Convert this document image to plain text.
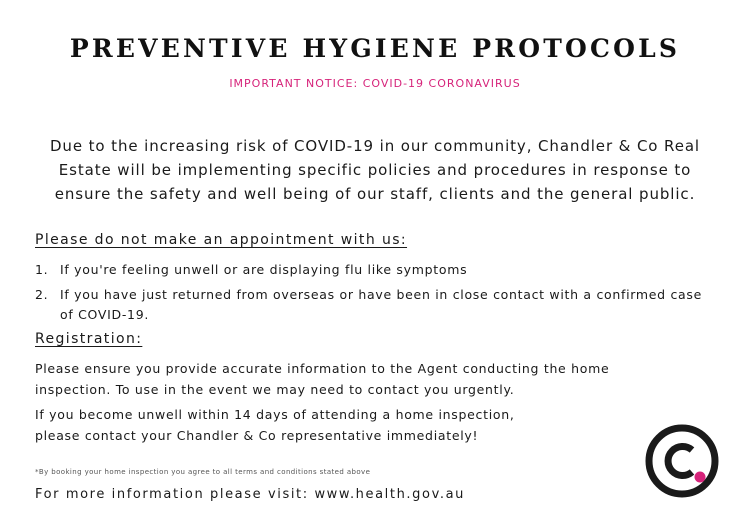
PREVENTIVE HYGIENE PROTOCOLS
IMPORTANT NOTICE: COVID-19 CORONAVIRUS
Due to the increasing risk of COVID-19 in our community, Chandler & Co Real Estate will be implementing specific policies and procedures in response to ensure the safety and well being of our staff, clients and the general public.
Please do not make an appointment with us:
1. If you're feeling unwell or are displaying flu like symptoms
2. If you have just returned from overseas or have been in close contact with a confirmed case of COVID-19.
Registration:
Please ensure you provide accurate information to the Agent conducting the home inspection. To use in the event we may need to contact you urgently.
If you become unwell within 14 days of attending a home inspection,
please contact your Chandler & Co representative immediately!
*By booking your home inspection you agree to all terms and conditions stated above
For more information please visit: www.health.gov.au
